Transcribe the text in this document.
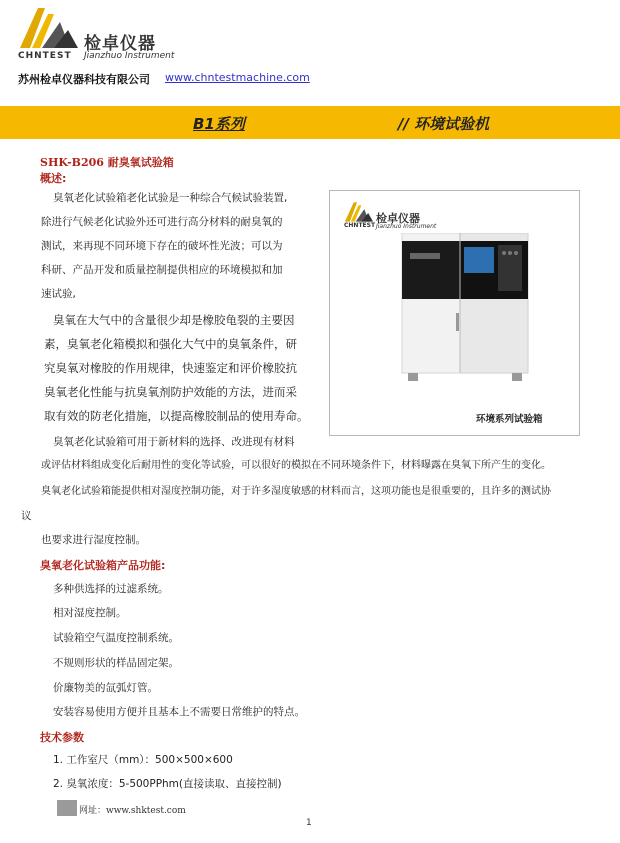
CHNTEST
检卓仪器
Jianzhuo Instrument
苏州检卓仪器科技有限公司 www.chntestmachine.com
B1系列	// 环境试验机
SHK-B206 耐臭氧试验箱
概述:
臭氧老化试验箱老化试验是一种综合气候试验装置,
除进行气候老化试验外还可进行高分材料的耐臭氧的
测试，来再现不同环境下存在的破坏性光波；可以为
科研、产品开发和质量控制提供相应的环境模拟和加
速试验,
臭氧在大气中的含量很少却是橡胶龟裂的主要因
素，臭氧老化箱模拟和强化大气中的臭氧条件，研
究臭氧对橡胶的作用规律，快速鉴定和评价橡胶抗
臭氧老化性能与抗臭氧剂防护效能的方法，进而采
取有效的防老化措施，以提高橡胶制品的使用寿命。
臭氧老化试验箱可用于新材料的选择、改进现有材料
或评估材料组成变化后耐用性的变化等试验，可以很好的模拟在不同环境条件下，材料曝露在臭氧下所产生的变化。
臭氧老化试验箱能提供相对湿度控制功能，对于许多湿度敏感的材料而言，这项功能也是很重要的，且许多的测试协
议
也要求进行湿度控制。
检卓仪器
CHNTEST Jianzhuo Instrument
环境系列试验箱
臭氧老化试验箱产品功能:
多种供选择的过滤系统。
相对湿度控制。
试验箱空气温度控制系统。
不规则形状的样品固定架。
价廉物美的氙弧灯管。
安装容易使用方便并且基本上不需要日常维护的特点。
技术参数
1. 工作室尺（mm）：500×500×600
2. 臭氧浓度：5-500PPhm(直接读取、直接控制)
网址：www.shktest.com
1
